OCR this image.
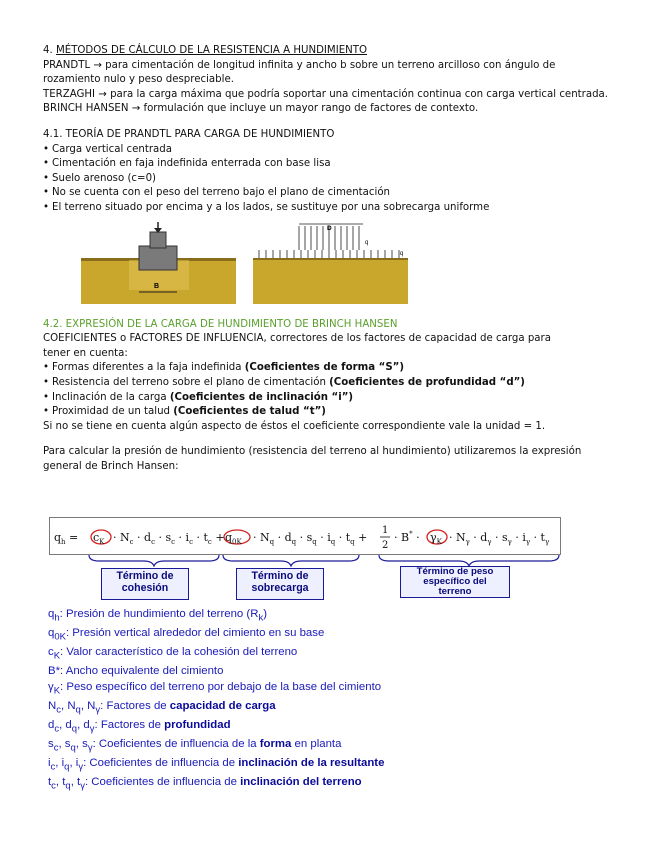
4. MÉTODOS DE CÁLCULO DE LA RESISTENCIA A HUNDIMIENTO

PRANDTL → para cimentación de longitud infinita y ancho b sobre un terreno arcilloso con ángulo de

rozamiento nulo y peso despreciable.

TERZAGHI → para la carga máxima que podría soportar una cimentación continua con carga vertical centrada.

BRINCH HANSEN → formulación que incluye un mayor rango de factores de contexto.

4.1. TEORÍA DE PRANDTL PARA CARGA DE HUNDIMIENTO

• Carga vertical centrada

• Cimentación en faja indefinida enterrada con base lisa

• Suelo arenoso (c=0)

• No se cuenta con el peso del terreno bajo el plano de cimentación

• El terreno situado por encima y a los lados, se sustituye por una sobrecarga uniforme

B
D
q
q

4.2. EXPRESIÓN DE LA CARGA DE HUNDIMIENTO DE BRINCH HANSEN

COEFICIENTES o FACTORES DE INFLUENCIA, correctores de los factores de capacidad de carga para

tener en cuenta:

• Formas diferentes a la faja indefinida (Coeficientes de forma “S”)

• Resistencia del terreno sobre el plano de cimentación (Coeficientes de profundidad “d”)

• Inclinación de la carga (Coeficientes de inclinación “i”)

• Proximidad de un talud (Coeficientes de talud “t”)

Si no se tiene en cuenta algún aspecto de éstos el coeficiente correspondiente vale la unidad = 1.

Para calcular la presión de hundimiento (resistencia del terreno al hundimiento) utilizaremos la expresión

general de Brinch Hansen:

$q_h = c_K \cdot N_c \cdot d_c \cdot s_c \cdot i_c \cdot t_c + q_{0K} \cdot N_q \cdot d_q \cdot s_q \cdot i_q \cdot t_q$ +
1
2
· $B^* \cdot \gamma_K \cdot N_\gamma \cdot d_\gamma \cdot s_\gamma \cdot i_\gamma \cdot t_\gamma$
Término de
cohesión
Término de
sobrecarga
Término de peso
específico del
terreno
$q_h$: Presión de hundimiento del terreno $(R_k)$
$q_{0K}$: Presión vertical alrededor del cimiento en su base
$c_K$: Valor característico de la cohesión del terreno
B*: Ancho equivalente del cimiento
$\gamma_K$: Peso específico del terreno por debajo de la base del cimiento
$N_c$, $N_q$, $N_\gamma$: Factores de capacidad de carga
$d_c$, $d_q$, $d_\gamma$: Factores de profundidad
$s_c$, $s_q$, $s_\gamma$: Coeficientes de influencia de la forma en planta
$i_c$, $i_q$, $i_\gamma$: Coeficientes de influencia de inclinación de la resultante
$t_c$, $t_q$, $t_\gamma$: Coeficientes de influencia de inclinación del terreno
